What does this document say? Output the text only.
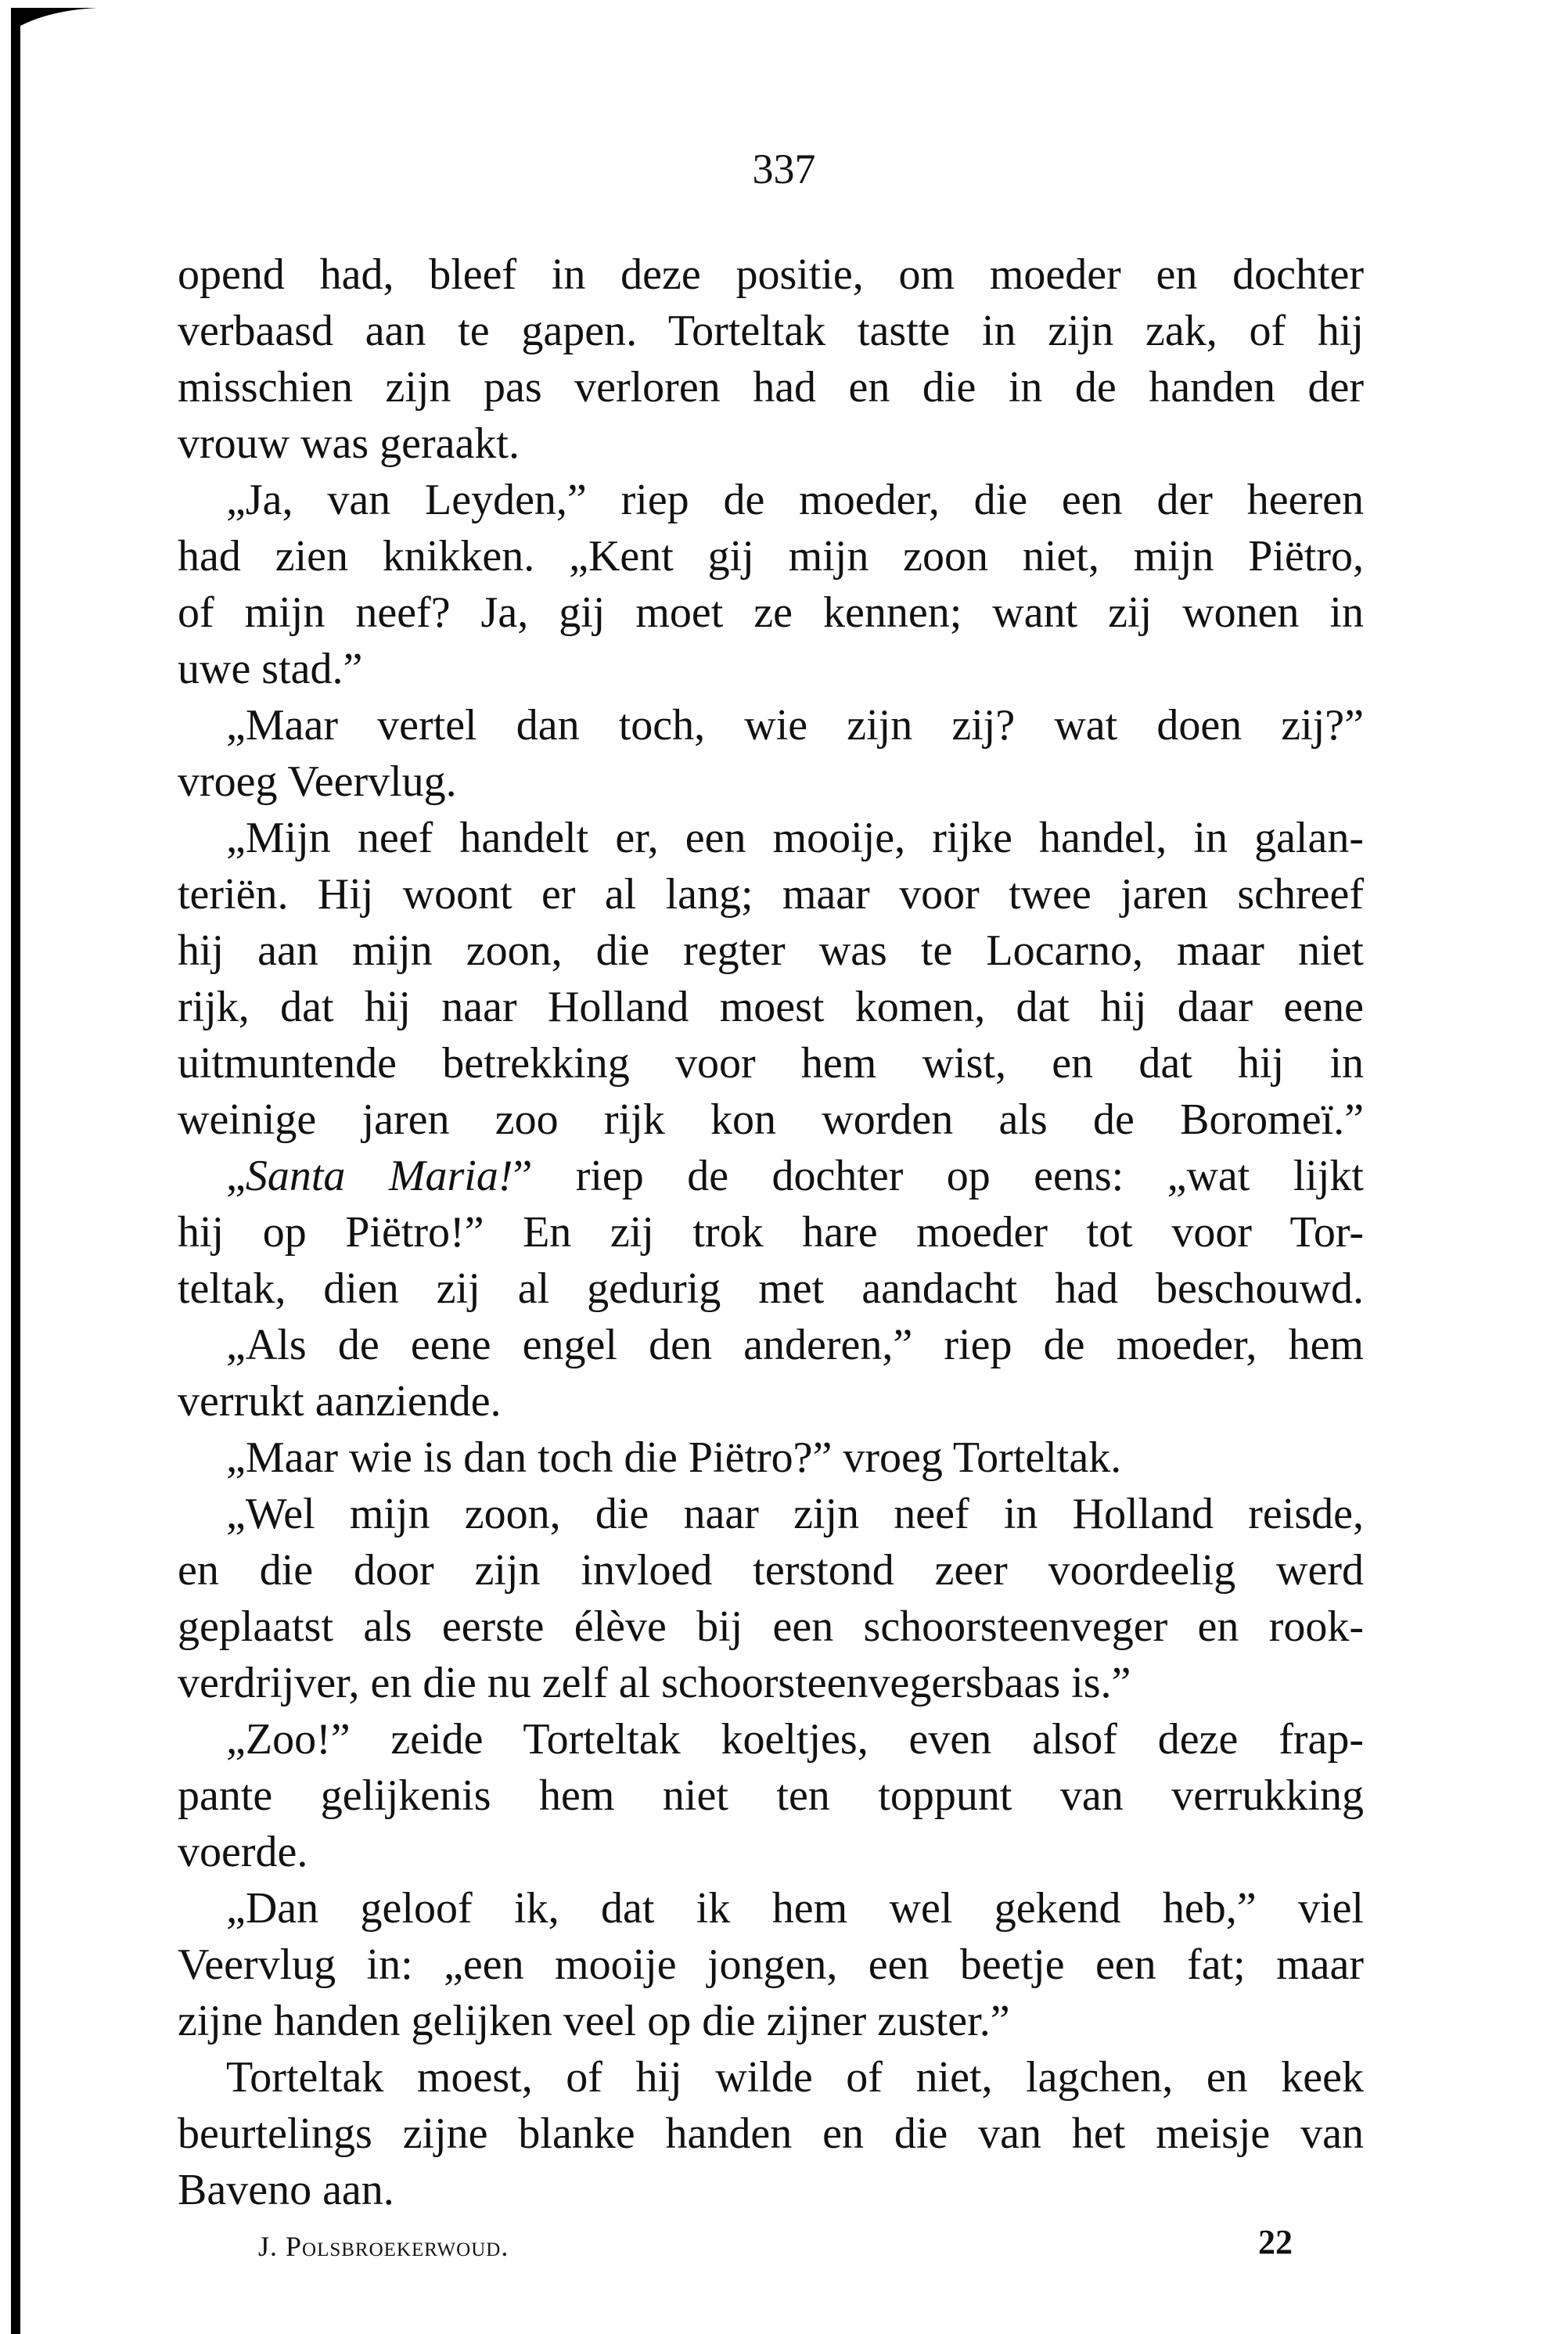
337
opend had, bleef in deze positie, om moeder en dochter
verbaasd aan te gapen. Torteltak tastte in zijn zak, of hij
misschien zijn pas verloren had en die in de handen der
vrouw was geraakt.
„Ja, van Leyden,” riep de moeder, die een der heeren
had zien knikken. „Kent gij mijn zoon niet, mijn Piëtro,
of mijn neef? Ja, gij moet ze kennen; want zij wonen in
uwe stad.”
„Maar vertel dan toch, wie zijn zij? wat doen zij?”
vroeg Veervlug.
„Mijn neef handelt er, een mooije, rijke handel, in galan-
teriën. Hij woont er al lang; maar voor twee jaren schreef
hij aan mijn zoon, die regter was te Locarno, maar niet
rijk, dat hij naar Holland moest komen, dat hij daar eene
uitmuntende betrekking voor hem wist, en dat hij in
weinige jaren zoo rijk kon worden als de Boromeï.”
„Santa Maria!” riep de dochter op eens: „wat lijkt
hij op Piëtro!” En zij trok hare moeder tot voor Tor-
teltak, dien zij al gedurig met aandacht had beschouwd.
„Als de eene engel den anderen,” riep de moeder, hem
verrukt aanziende.
„Maar wie is dan toch die Piëtro?” vroeg Torteltak.
„Wel mijn zoon, die naar zijn neef in Holland reisde,
en die door zijn invloed terstond zeer voordeelig werd
geplaatst als eerste élève bij een schoorsteenveger en rook-
verdrijver, en die nu zelf al schoorsteenvegersbaas is.”
„Zoo!” zeide Torteltak koeltjes, even alsof deze frap-
pante gelijkenis hem niet ten toppunt van verrukking
voerde.
„Dan geloof ik, dat ik hem wel gekend heb,” viel
Veervlug in: „een mooije jongen, een beetje een fat; maar
zijne handen gelijken veel op die zijner zuster.”
Torteltak moest, of hij wilde of niet, lagchen, en keek
beurtelings zijne blanke handen en die van het meisje van
Baveno aan.
J. Polsbroekerwoud.	22
